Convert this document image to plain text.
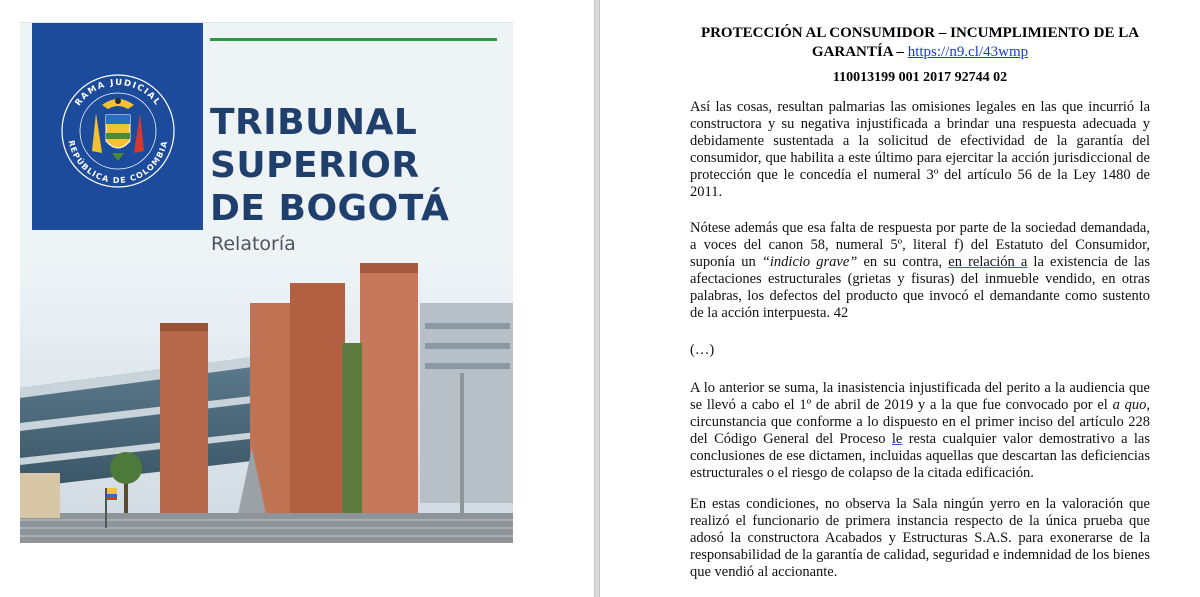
RAMA JUDICIAL
REPÚBLICA DE COLOMBIA
TRIBUNAL
SUPERIOR
DE BOGOTÁ
Relatoría
PROTECCIÓN AL CONSUMIDOR – INCUMPLIMIENTO DE LA GARANTÍA – https://n9.cl/43wmp
110013199 001 2017 92744 02

Así las cosas, resultan palmarias las omisiones legales en las que incurrió la constructora y su negativa injustificada a brindar una respuesta adecuada y debidamente sustentada a la solicitud de efectividad de la garantía del consumidor, que habilita a este último para ejercitar la acción jurisdiccional de protección que le concedía el numeral 3º del artículo 56 de la Ley 1480 de 2011.

Nótese además que esa falta de respuesta por parte de la sociedad demandada, a voces del canon 58, numeral 5º, literal f) del Estatuto del Consumidor, suponía un “indicio grave” en su contra, en relación a la existencia de las afectaciones estructurales (grietas y fisuras) del inmueble vendido, en otras palabras, los defectos del producto que invocó el demandante como sustento de la acción interpuesta. 42

(…)

A lo anterior se suma, la inasistencia injustificada del perito a la audiencia que se llevó a cabo el 1º de abril de 2019 y a la que fue convocado por el a quo, circunstancia que conforme a lo dispuesto en el primer inciso del artículo 228 del Código General del Proceso le resta cualquier valor demostrativo a las conclusiones de ese dictamen, incluidas aquellas que descartan las deficiencias estructurales o el riesgo de colapso de la citada edificación.

En estas condiciones, no observa la Sala ningún yerro en la valoración que realizó el funcionario de primera instancia respecto de la única prueba que adosó la constructora Acabados y Estructuras S.A.S. para exonerarse de la responsabilidad de la garantía de calidad, seguridad e indemnidad de los bienes que vendió al accionante.
